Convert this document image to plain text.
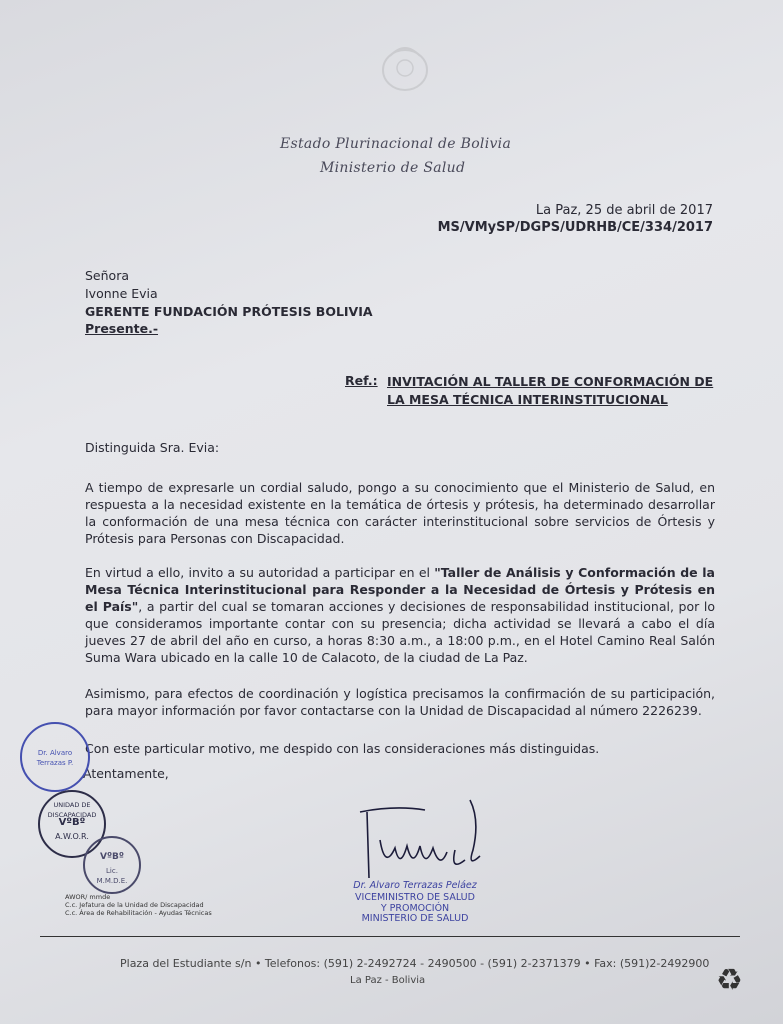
Estado Plurinacional de Bolivia
Ministerio de Salud
La Paz, 25 de abril de 2017
MS/VMySP/DGPS/UDRHB/CE/334/2017
Señora
Ivonne Evia
GERENTE FUNDACIÓN PRÓTESIS BOLIVIA
Presente.-
Ref.: INVITACIÓN AL TALLER DE CONFORMACIÓN DE LA MESA TÉCNICA INTERINSTITUCIONAL
Distinguida Sra. Evia:
A tiempo de expresarle un cordial saludo, pongo a su conocimiento que el Ministerio de Salud, en respuesta a la necesidad existente en la temática de órtesis y prótesis, ha determinado desarrollar la conformación de una mesa técnica con carácter interinstitucional sobre servicios de Órtesis y Prótesis para Personas con Discapacidad.
En virtud a ello, invito a su autoridad a participar en el "Taller de Análisis y Conformación de la Mesa Técnica Interinstitucional para Responder a la Necesidad de Órtesis y Prótesis en el País", a partir del cual se tomaran acciones y decisiones de responsabilidad institucional, por lo que consideramos importante contar con su presencia; dicha actividad se llevará a cabo el día jueves 27 de abril del año en curso, a horas 8:30 a.m., a 18:00 p.m., en el Hotel Camino Real Salón Suma Wara ubicado en la calle 10 de Calacoto, de la ciudad de La Paz.
Asimismo, para efectos de coordinación y logística precisamos la confirmación de su participación, para mayor información por favor contactarse con la Unidad de Discapacidad al número 2226239.
Con este particular motivo, me despido con las consideraciones más distinguidas.
Atentamente,
Dr. Alvaro Terrazas Peláez
VICEMINISTRO DE SALUD
Y PROMOCIÓN
MINISTERIO DE SALUD
Dr. Alvaro Terrazas P.
UNIDAD DE DISCAPACIDAD
VºBº
A.W.O.R.
VºBº
Lic. M.M.D.E.
AWOR/ mmde
C.c. Jefatura de la Unidad de Discapacidad
C.c. Área de Rehabilitación - Ayudas Técnicas
Plaza del Estudiante s/n • Telefonos: (591) 2-2492724 - 2490500 - (591) 2-2371379 • Fax: (591)2-2492900
La Paz - Bolivia	♻
